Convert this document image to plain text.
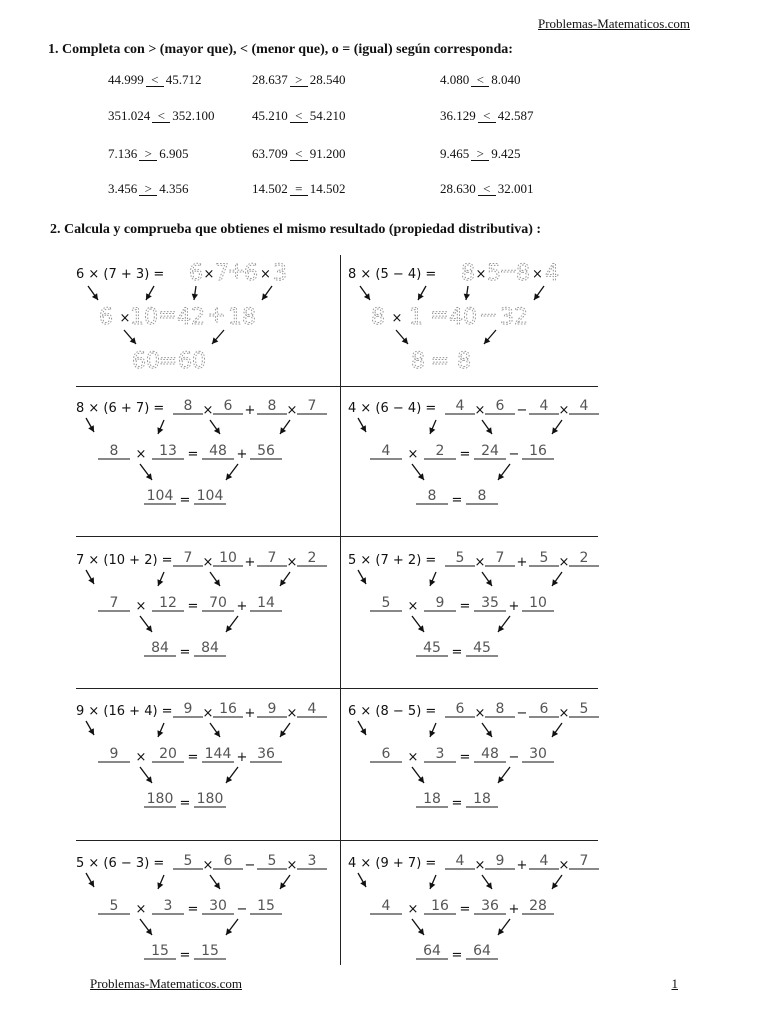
Problemas-Matematicos.com
1. Completa con > (mayor que), < (menor que), o = (igual) según corresponda:
44.999 < 45.712	28.637 > 28.540	4.080 < 8.040
351.024 < 352.100	45.210 < 54.210	36.129 < 42.587
7.136 > 6.905	63.709 < 91.200	9.465 > 9.425
3.456 > 4.356	14.502 = 14.502	28.630 < 32.001
2. Calcula y comprueba que obtienes el mismo resultado (propiedad distributiva) :
6 × (7 + 3) = 6 7 6 3
× + ×
6 10 42 18
× = +
60
= 60
8 × (5 − 4) = 8 5 8 4
× − ×
8 1 40 32
× = −
8 = 8
8 × (6 + 7) = 8 6	8 7
× + ×
8	13 48 56
×	=	+
104 104
=
4 × (6 − 4) = 4 6	4 4
× − ×
4	2	24 16
×	=	−
8	8
=
7 × (10 + 2) = 7 10 7 2
× + ×
7	12 70 14
×	=	+
84 84
=
5 × (7 + 2) = 5 7	5 2
× + ×
5	9	35 10
×	=	+
45 45
=
9 × (16 + 4) = 9 16 9 4
× + ×
9	20 144 36
×	=	+
180 180
=
6 × (8 − 5) = 6 8	6 5
× − ×
6	3	48 30
×	=	−
18 18
=
5 × (6 − 3) = 5 6	5 3
× − ×
5	3	30 15
×	=	−
15 15
=
4 × (9 + 7) = 4 9	4 7
× + ×
4	16 36 28
×	=	+
64 64
=
Problemas-Matematicos.com	1
